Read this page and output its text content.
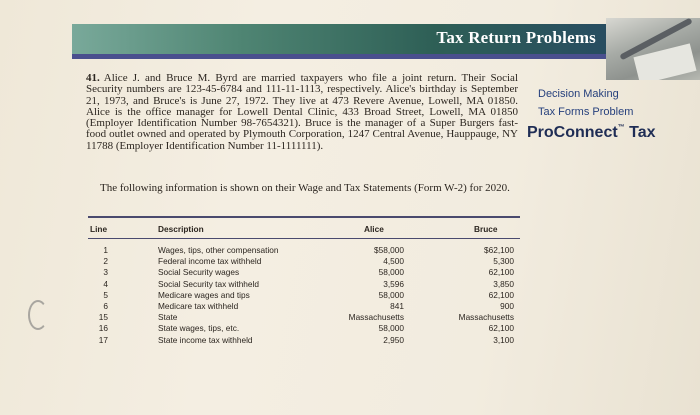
Tax Return Problems
41. Alice J. and Bruce M. Byrd are married taxpayers who file a joint return. Their Social Security numbers are 123-45-6784 and 111-11-1113, respectively. Alice's birthday is September 21, 1973, and Bruce's is June 27, 1972. They live at 473 Revere Avenue, Lowell, MA 01850. Alice is the office manager for Lowell Dental Clinic, 433 Broad Street, Lowell, MA 01850 (Employer Identification Number 98-7654321). Bruce is the manager of a Super Burgers fast-food outlet owned and operated by Plymouth Corporation, 1247 Central Avenue, Hauppauge, NY 11788 (Employer Identification Number 11-1111111).
The following information is shown on their Wage and Tax Statements (Form W-2) for 2020.
Decision Making
Tax Forms Problem
ProConnect™ Tax
Line	Description	Alice	Bruce
1	Wages, tips, other compensation	$58,000	$62,100
2	Federal income tax withheld	4,500	5,300
3	Social Security wages	58,000	62,100
4	Social Security tax withheld	3,596	3,850
5	Medicare wages and tips	58,000	62,100
6	Medicare tax withheld	841	900
15	State	Massachusetts	Massachusetts
16	State wages, tips, etc.	58,000	62,100
17	State income tax withheld	2,950	3,100
